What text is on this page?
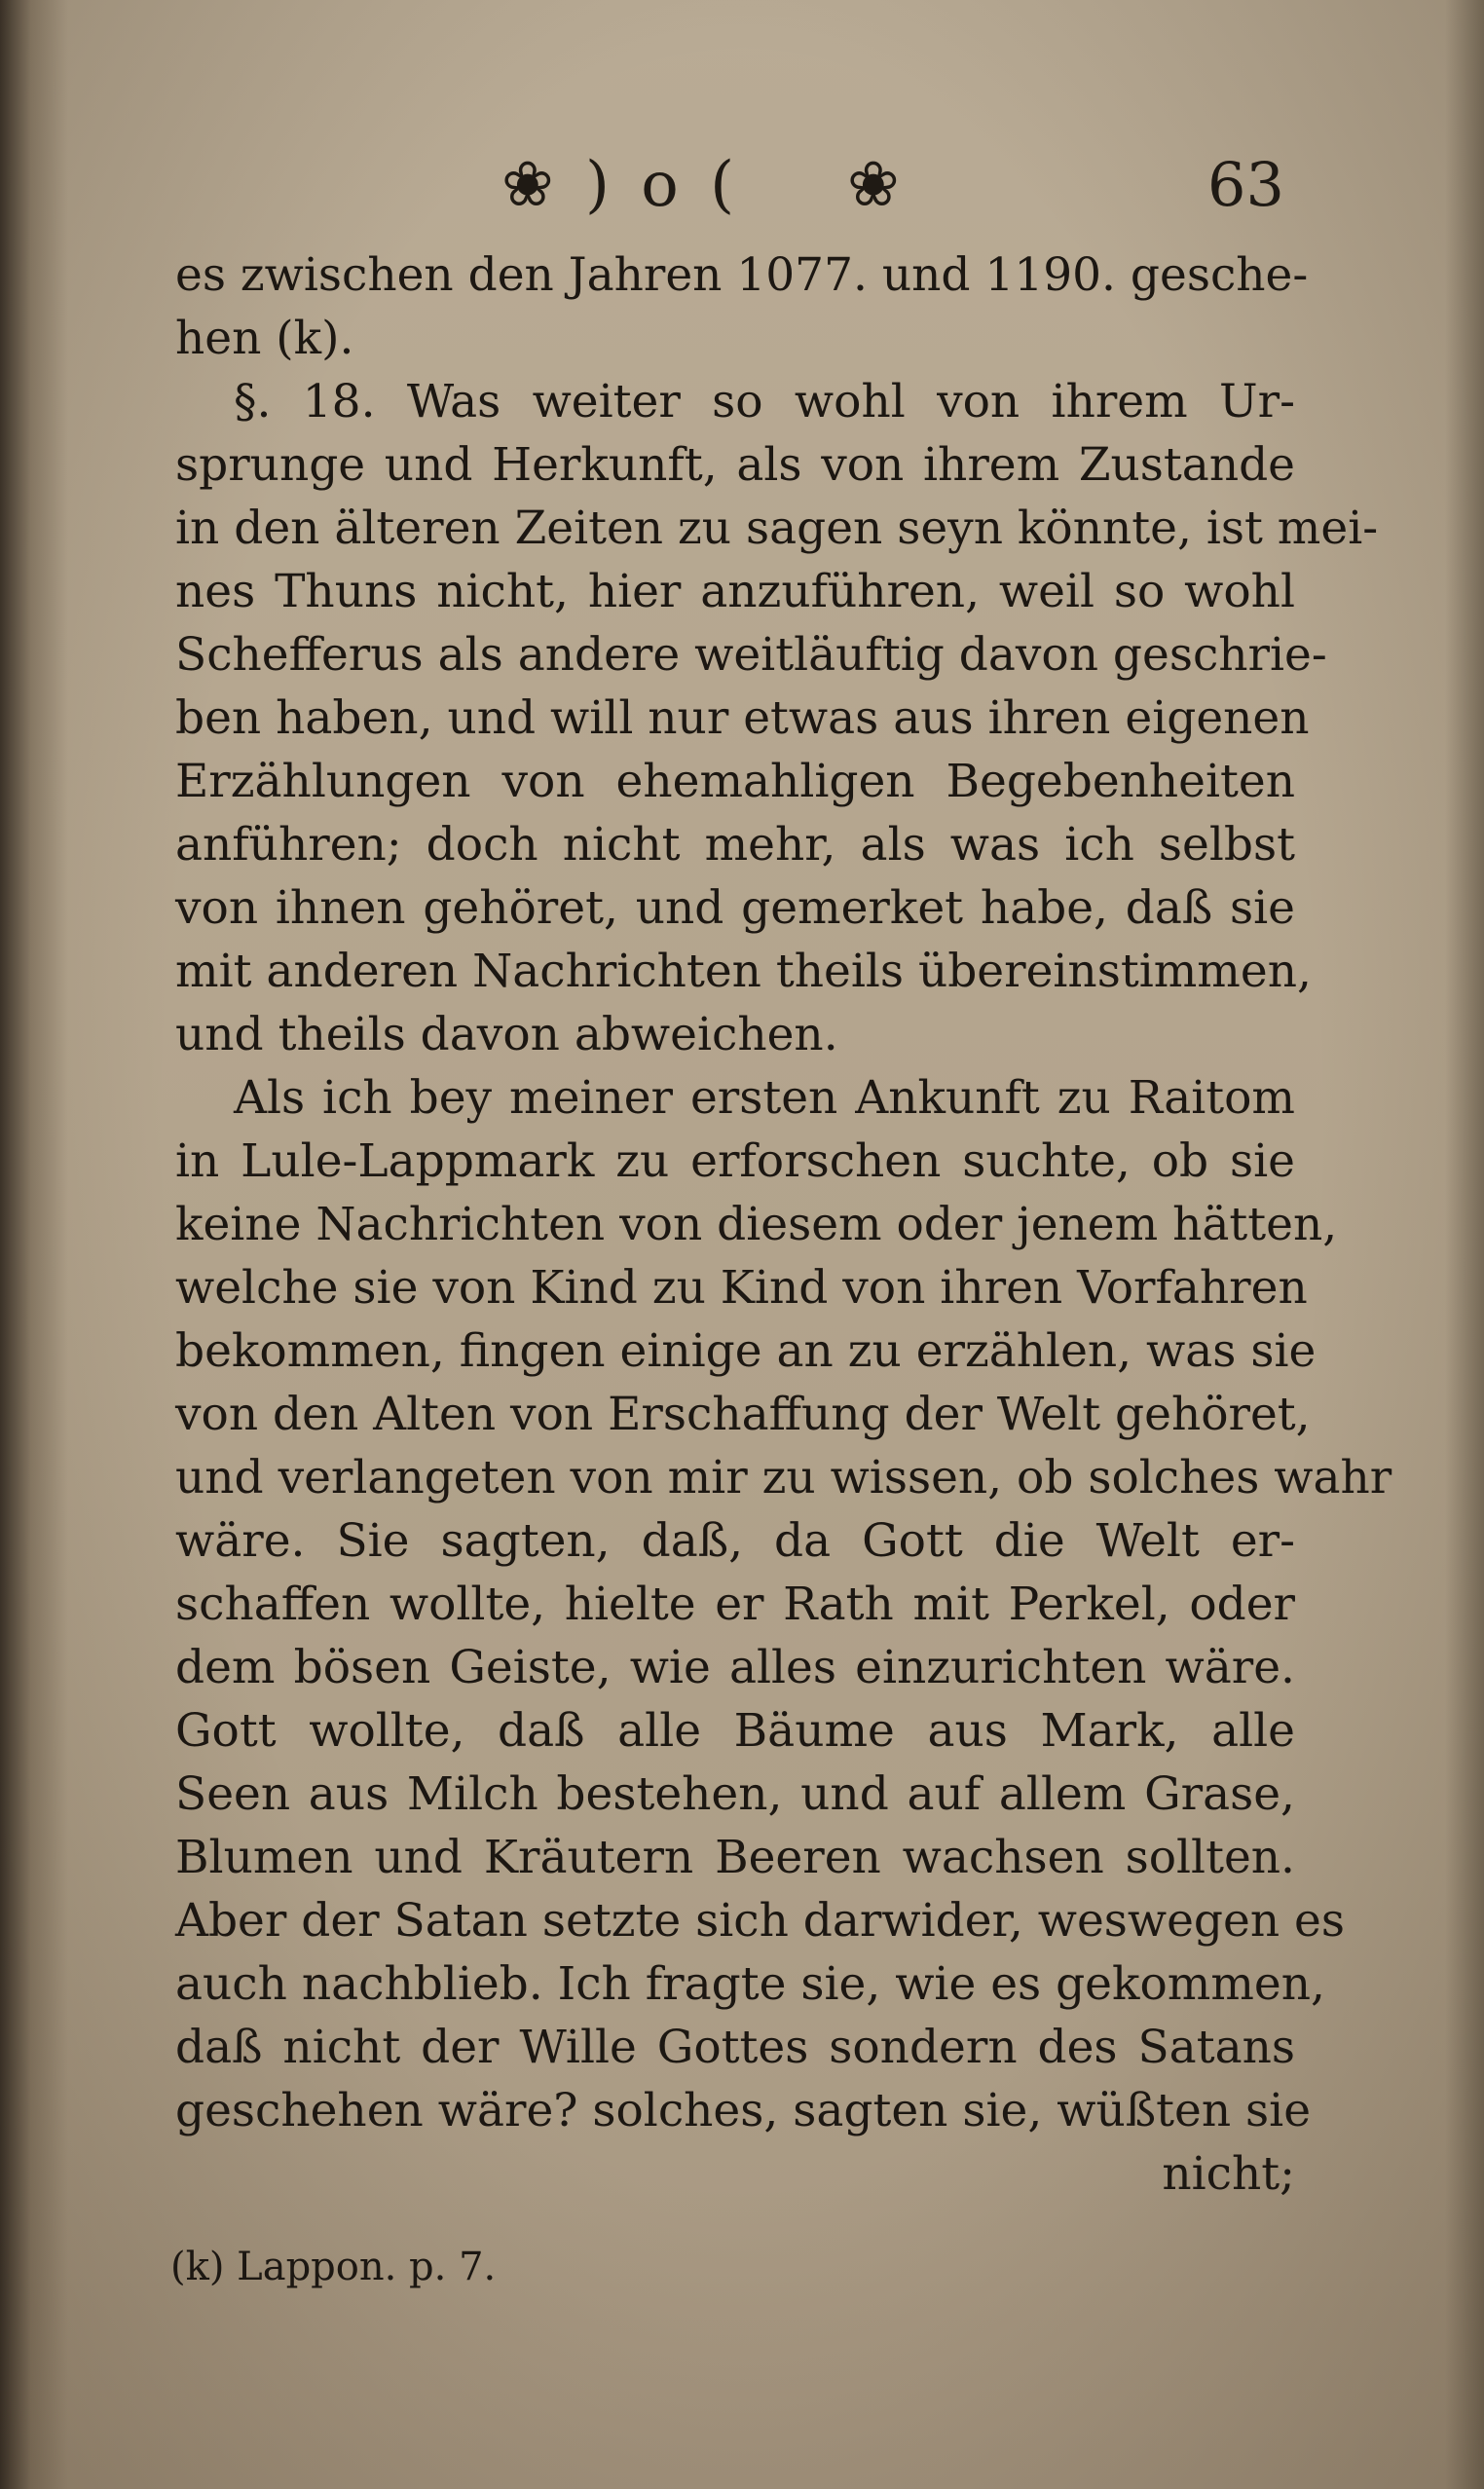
❀ ) o ( ❀	63
es zwischen den Jahren 1077. und 1190. gesche-
hen (k).
§. 18. Was weiter so wohl von ihrem Ur-
sprunge und Herkunft, als von ihrem Zustande
in den älteren Zeiten zu sagen seyn könnte, ist mei-
nes Thuns nicht, hier anzuführen, weil so wohl
Schefferus als andere weitläuftig davon geschrie-
ben haben, und will nur etwas aus ihren eigenen
Erzählungen von ehemahligen Begebenheiten
anführen; doch nicht mehr, als was ich selbst
von ihnen gehöret, und gemerket habe, daß sie
mit anderen Nachrichten theils übereinstimmen,
und theils davon abweichen.
Als ich bey meiner ersten Ankunft zu Raitom
in Lule-Lappmark zu erforschen suchte, ob sie
keine Nachrichten von diesem oder jenem hätten,
welche sie von Kind zu Kind von ihren Vorfahren
bekommen, fingen einige an zu erzählen, was sie
von den Alten von Erschaffung der Welt gehöret,
und verlangeten von mir zu wissen, ob solches wahr
wäre. Sie sagten, daß, da Gott die Welt er-
schaffen wollte, hielte er Rath mit Perkel, oder
dem bösen Geiste, wie alles einzurichten wäre.
Gott wollte, daß alle Bäume aus Mark, alle
Seen aus Milch bestehen, und auf allem Grase,
Blumen und Kräutern Beeren wachsen sollten.
Aber der Satan setzte sich darwider, weswegen es
auch nachblieb. Ich fragte sie, wie es gekommen,
daß nicht der Wille Gottes sondern des Satans
geschehen wäre? solches, sagten sie, wüßten sie
nicht;
(k) Lappon. p. 7.
